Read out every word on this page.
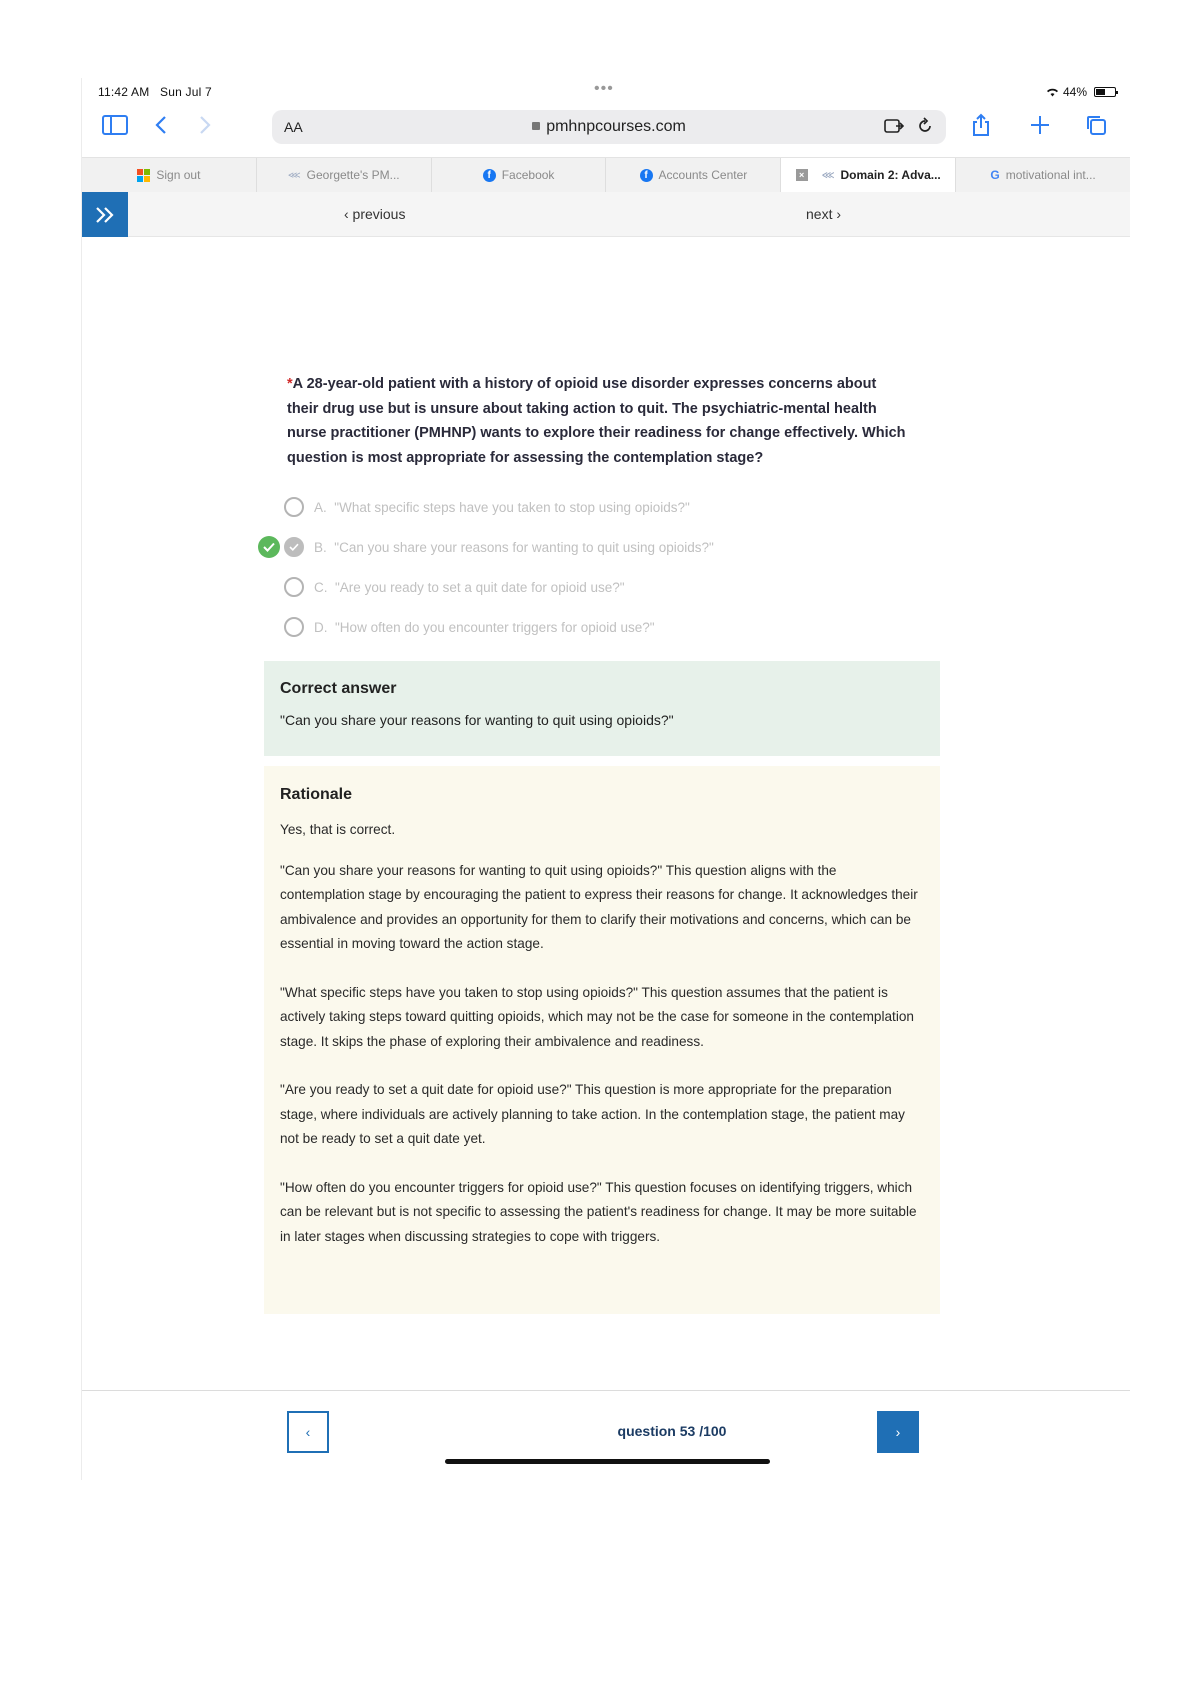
11:42 AM Sun Jul 7	•••	44%
AA	pmhnpcourses.com
Sign out	⋘ Georgette's PM...	f Facebook	f Accounts Center	×	⋘ Domain 2: Adva...	G motivational int...
‹ previous	next ›
*A 28-year-old patient with a history of opioid use disorder expresses concerns about their drug use but is unsure about taking action to quit. The psychiatric-mental health nurse practitioner (PMHNP) wants to explore their readiness for change effectively. Which question is most appropriate for assessing the contemplation stage?
A. "What specific steps have you taken to stop using opioids?"
B. "Can you share your reasons for wanting to quit using opioids?"
C. "Are you ready to set a quit date for opioid use?"
D. "How often do you encounter triggers for opioid use?"
Correct answer
"Can you share your reasons for wanting to quit using opioids?"
Rationale

Yes, that is correct.

"Can you share your reasons for wanting to quit using opioids?" This question aligns with the contemplation stage by encouraging the patient to express their reasons for change. It acknowledges their ambivalence and provides an opportunity for them to clarify their motivations and concerns, which can be essential in moving toward the action stage.

"What specific steps have you taken to stop using opioids?" This question assumes that the patient is actively taking steps toward quitting opioids, which may not be the case for someone in the contemplation stage. It skips the phase of exploring their ambivalence and readiness.

"Are you ready to set a quit date for opioid use?" This question is more appropriate for the preparation stage, where individuals are actively planning to take action. In the contemplation stage, the patient may not be ready to set a quit date yet.

"How often do you encounter triggers for opioid use?" This question focuses on identifying triggers, which can be relevant but is not specific to assessing the patient's readiness for change. It may be more suitable in later stages when discussing strategies to cope with triggers.

‹	question 53 /100	›
